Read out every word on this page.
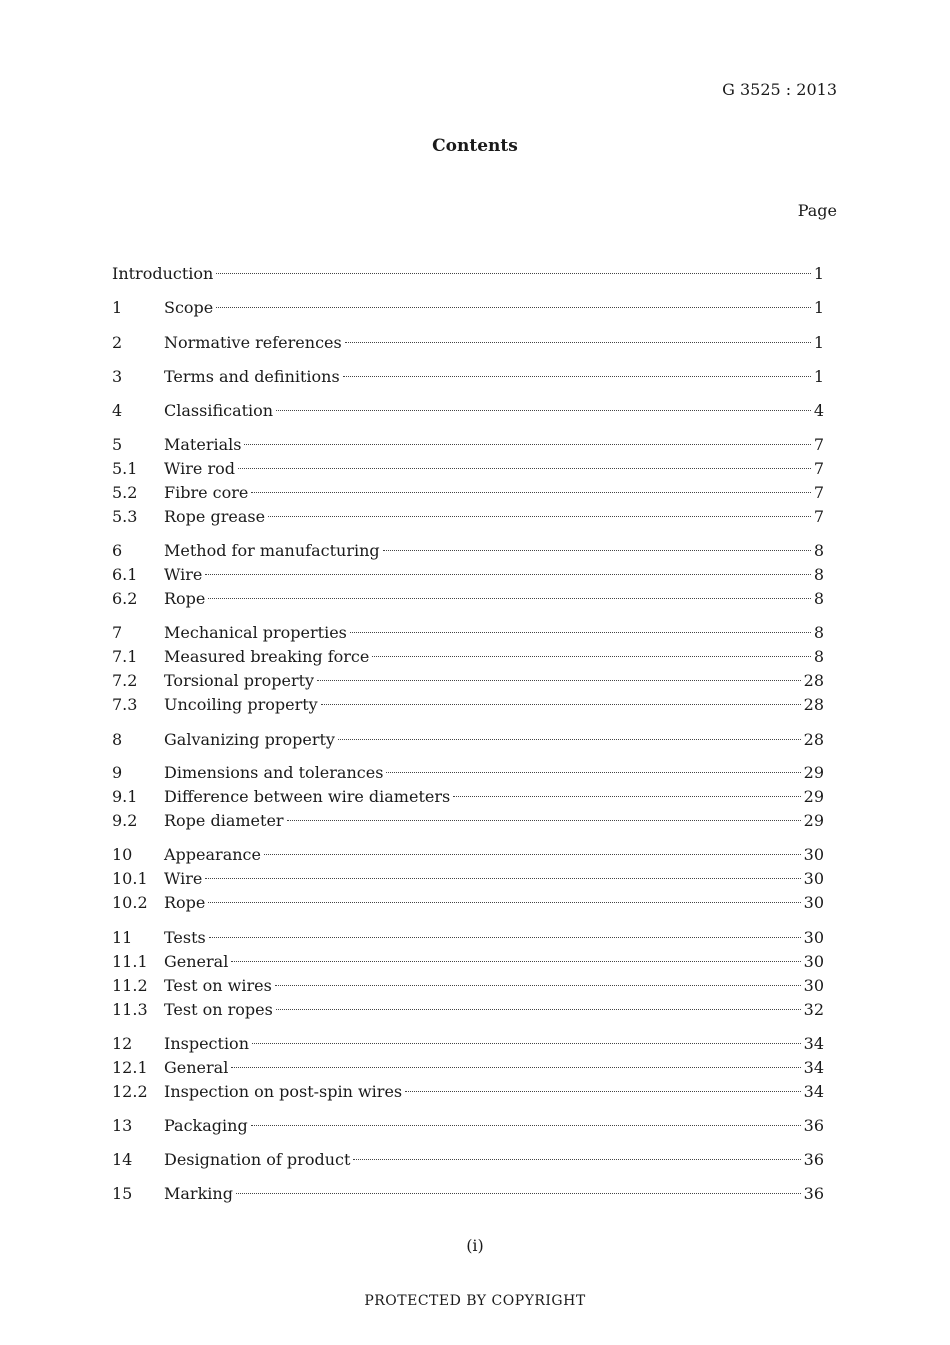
G 3525 : 2013
Contents
Page
Introduction	1
1	Scope	1
2	Normative references	1
3	Terms and definitions	1
4	Classification	4
5	Materials	7
5.1	Wire rod	7
5.2	Fibre core	7
5.3	Rope grease	7
6	Method for manufacturing	8
6.1	Wire	8
6.2	Rope	8
7	Mechanical properties	8
7.1	Measured breaking force	8
7.2	Torsional property	28
7.3	Uncoiling property	28
8	Galvanizing property	28
9	Dimensions and tolerances	29
9.1	Difference between wire diameters	29
9.2	Rope diameter	29
10	Appearance	30
10.1	Wire	30
10.2	Rope	30
11	Tests	30
11.1	General	30
11.2	Test on wires	30
11.3	Test on ropes	32
12	Inspection	34
12.1	General	34
12.2	Inspection on post-spin wires	34
13	Packaging	36
14	Designation of product	36
15	Marking	36
(i)
PROTECTED BY COPYRIGHT
